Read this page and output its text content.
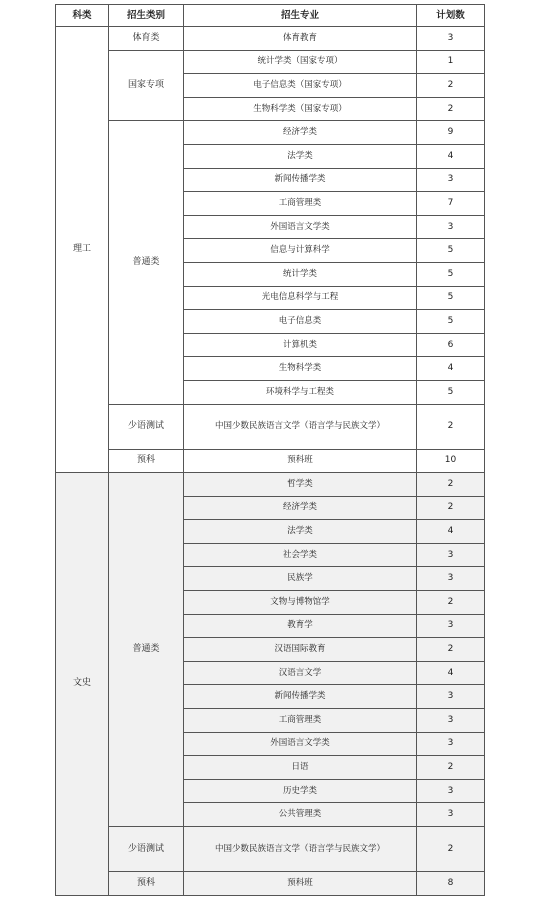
科类	招生类别	招生专业	计划数
理工	体育类	体育教育	3
	国家专项	统计学类（国家专项）	1
		电子信息类（国家专项）	2
		生物科学类（国家专项）	2
	普通类	经济学类	9
		法学类	4
		新闻传播学类	3
		工商管理类	7
		外国语言文学类	3
		信息与计算科学	5
		统计学类	5
		光电信息科学与工程	5
		电子信息类	5
		计算机类	6
		生物科学类	4
		环境科学与工程类	5
	少语测试	中国少数民族语言文学（语言学与民族文学）	2
	预科	预科班	10
文史	普通类	哲学类	2
		经济学类	2
		法学类	4
		社会学类	3
		民族学	3
		文物与博物馆学	2
		教育学	3
		汉语国际教育	2
		汉语言文学	4
		新闻传播学类	3
		工商管理类	3
		外国语言文学类	3
		日语	2
		历史学类	3
		公共管理类	3
	少语测试	中国少数民族语言文学（语言学与民族文学）	2
	预科	预科班	8
